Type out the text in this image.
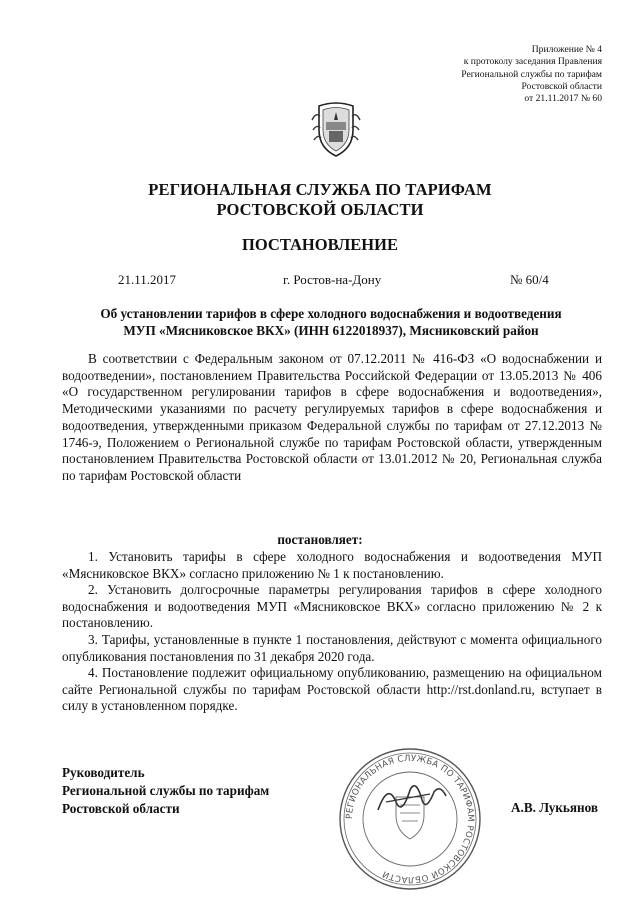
Приложение № 4
к протоколу заседания Правления
Региональной службы по тарифам
Ростовской области
от 21.11.2017 № 60
РЕГИОНАЛЬНАЯ СЛУЖБА ПО ТАРИФАМ
РОСТОВСКОЙ ОБЛАСТИ
ПОСТАНОВЛЕНИЕ
21.11.2017	г. Ростов-на-Дону	№ 60/4
Об установлении тарифов в сфере холодного водоснабжения и водоотведения
МУП «Мясниковское ВКХ» (ИНН 6122018937), Мясниковский район

В соответствии с Федеральным законом от 07.12.2011 № 416-ФЗ «О водоснабжении и водоотведении», постановлением Правительства Российской Федерации от 13.05.2013 № 406 «О государственном регулировании тарифов в сфере водоснабжения и водоотведения», Методическими указаниями по расчету регулируемых тарифов в сфере водоснабжения и водоотведения, утвержденными приказом Федеральной службы по тарифам от 27.12.2013 № 1746-э, Положением о Региональной службе по тарифам Ростовской области, утвержденным постановлением Правительства Ростовской области от 13.01.2012 № 20, Региональная служба по тарифам Ростовской области

постановляет:
1. Установить тарифы в сфере холодного водоснабжения и водоотведения МУП «Мясниковское ВКХ» согласно приложению № 1 к постановлению.
2. Установить долгосрочные параметры регулирования тарифов в сфере холодного водоснабжения и водоотведения МУП «Мясниковское ВКХ» согласно приложению № 2 к постановлению.
3. Тарифы, установленные в пункте 1 постановления, действуют с момента официального опубликования постановления по 31 декабря 2020 года.
4. Постановление подлежит официальному опубликованию, размещению на официальном сайте Региональной службы по тарифам Ростовской области http://rst.donland.ru, вступает в силу в установленном порядке.
РЕГИОНАЛЬНАЯ СЛУЖБА ПО ТАРИФАМ РОСТОВСКОЙ ОБЛАСТИ
Руководитель
Региональной службы по тарифам
Ростовской области	А.В. Лукьянов
